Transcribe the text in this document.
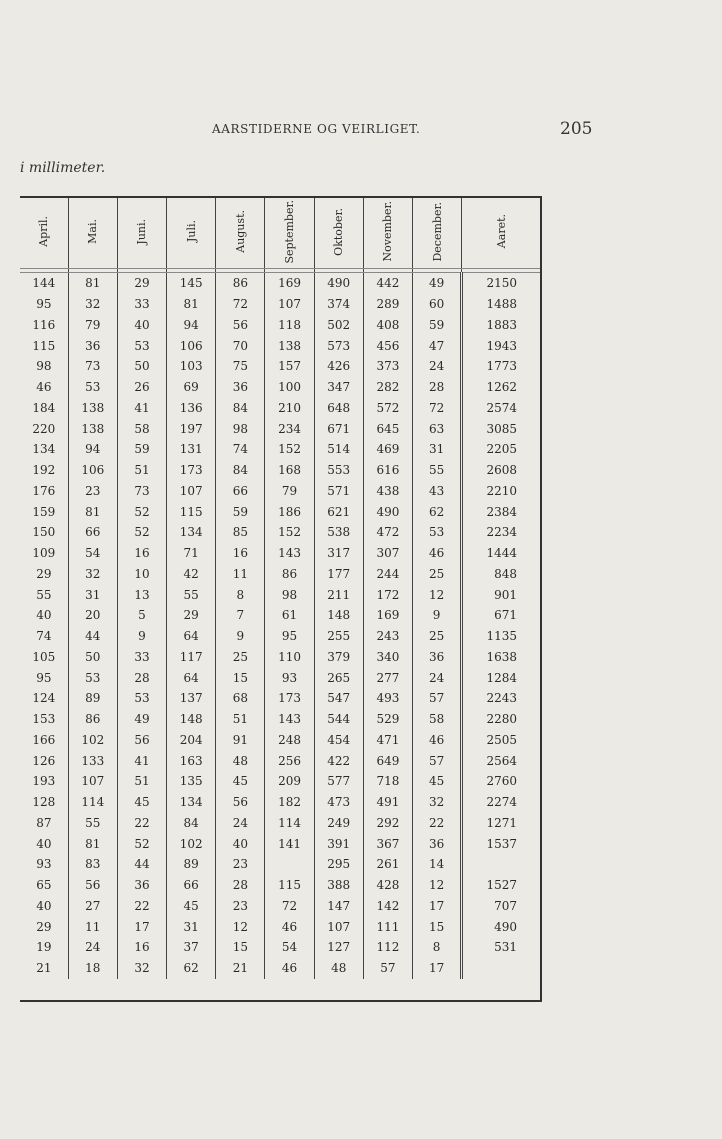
AARSTIDERNE OG VEIRLIGET.	205
i millimeter.
April.	Mai.	Juni.	Juli.	August.	September.	Oktober.	November.	December.	Aaret.

144	81	29	145	86	169	490	442	49	2150
95	32	33	81	72	107	374	289	60	1488
116	79	40	94	56	118	502	408	59	1883
115	36	53	106	70	138	573	456	47	1943
98	73	50	103	75	157	426	373	24	1773
46	53	26	69	36	100	347	282	28	1262
184	138	41	136	84	210	648	572	72	2574
220	138	58	197	98	234	671	645	63	3085
134	94	59	131	74	152	514	469	31	2205
192	106	51	173	84	168	553	616	55	2608
176	23	73	107	66	79	571	438	43	2210
159	81	52	115	59	186	621	490	62	2384
150	66	52	134	85	152	538	472	53	2234
109	54	16	71	16	143	317	307	46	1444
29	32	10	42	11	86	177	244	25	848
55	31	13	55	8	98	211	172	12	901
40	20	5	29	7	61	148	169	9	671
74	44	9	64	9	95	255	243	25	1135
105	50	33	117	25	110	379	340	36	1638
95	53	28	64	15	93	265	277	24	1284
124	89	53	137	68	173	547	493	57	2243
153	86	49	148	51	143	544	529	58	2280
166	102	56	204	91	248	454	471	46	2505
126	133	41	163	48	256	422	649	57	2564
193	107	51	135	45	209	577	718	45	2760
128	114	45	134	56	182	473	491	32	2274
87	55	22	84	24	114	249	292	22	1271
40	81	52	102	40	141	391	367	36	1537
93	83	44	89	23		295	261	14	
65	56	36	66	28	115	388	428	12	1527
40	27	22	45	23	72	147	142	17	707
29	11	17	31	12	46	107	111	15	490
19	24	16	37	15	54	127	112	8	531
21	18	32	62	21	46	48	57	17	
